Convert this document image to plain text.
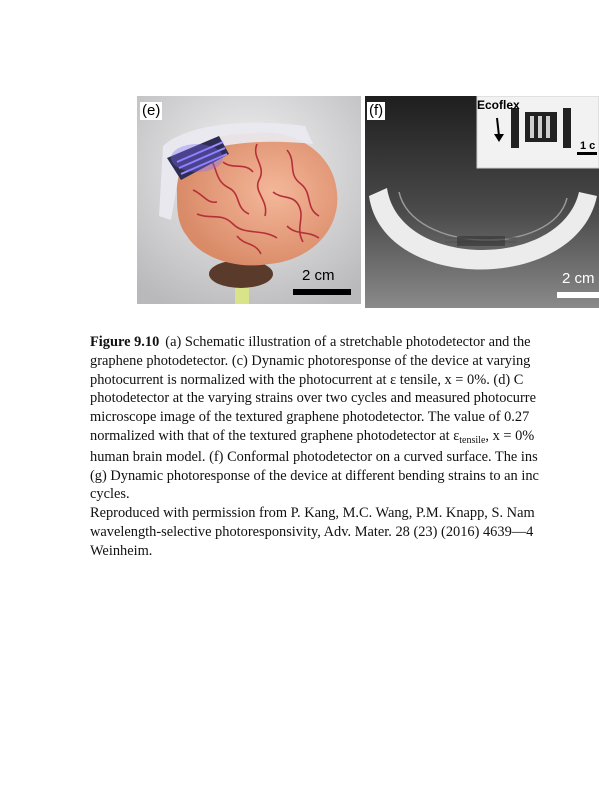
(e)
2 cm
(f)	Ecoflex
1 c
2 cm
Figure 9.10 (a) Schematic illustration of a stretchable photodetector and the
graphene photodetector. (c) Dynamic photoresponse of the device at varying
photocurrent is normalized with the photocurrent at ε tensile, x = 0%. (d) C
photodetector at the varying strains over two cycles and measured photocurre
microscope image of the textured graphene photodetector. The value of 0.27
normalized with that of the textured graphene photodetector at $\varepsilon_{tensile}$, x = 0%
human brain model. (f) Conformal photodetector on a curved surface. The ins
(g) Dynamic photoresponse of the device at different bending strains to an inc
cycles.
Reproduced with permission from P. Kang, M.C. Wang, P.M. Knapp, S. Nam
wavelength-selective photoresponsivity, Adv. Mater. 28 (23) (2016) 4639—4
Weinheim.
